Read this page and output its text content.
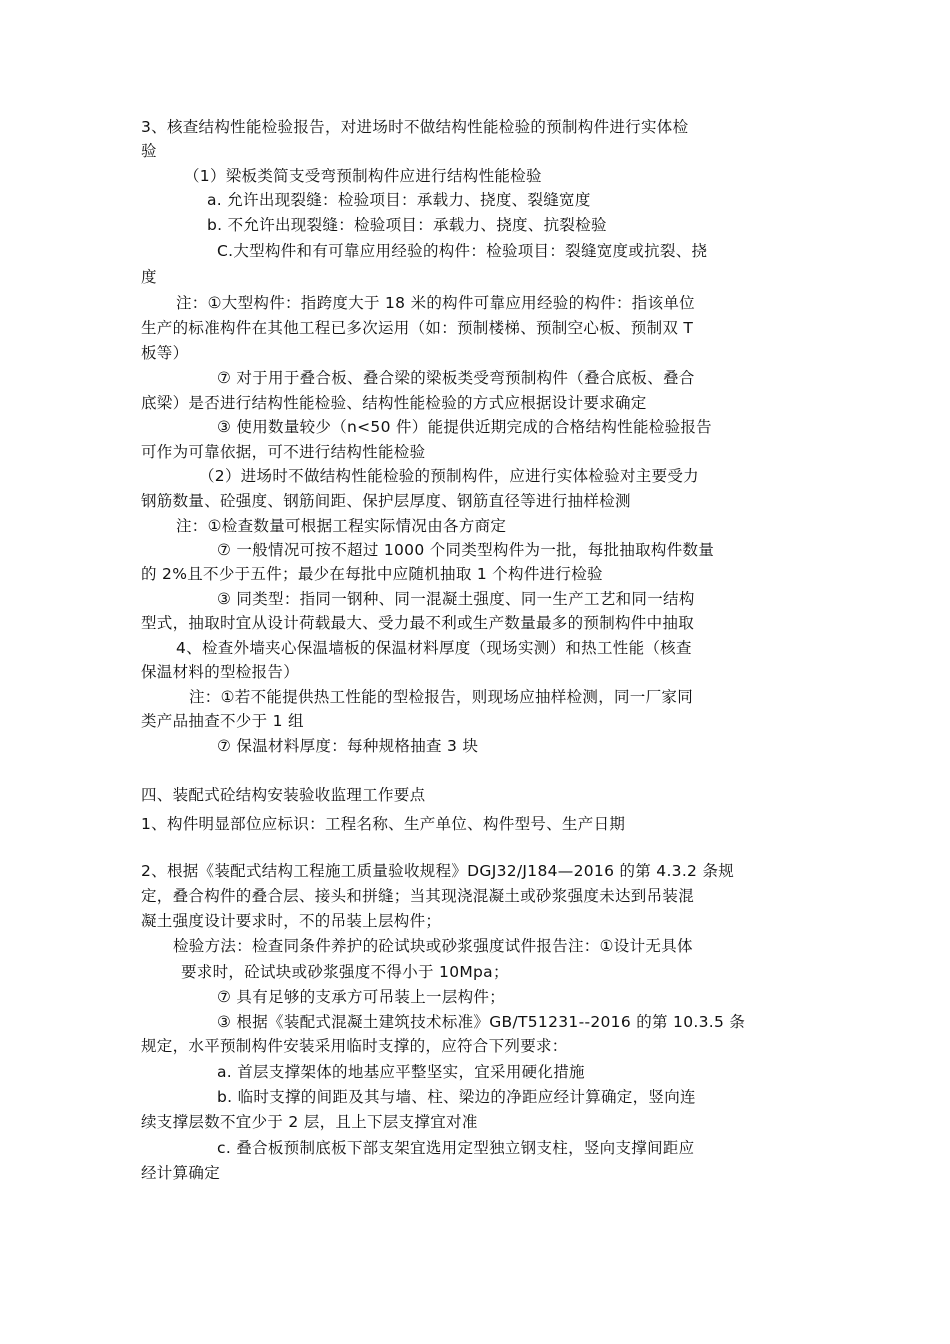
3、核查结构性能检验报告，对进场时不做结构性能检验的预制构件进行实体检
验
（1）梁板类简支受弯预制构件应进行结构性能检验
a. 允许出现裂缝：检验项目：承载力、挠度、裂缝宽度
b. 不允许出现裂缝：检验项目：承载力、挠度、抗裂检验
C.大型构件和有可靠应用经验的构件：检验项目：裂缝宽度或抗裂、挠
度
注：①大型构件：指跨度大于 18 米的构件可靠应用经验的构件：指该单位
生产的标准构件在其他工程已多次运用（如：预制楼梯、预制空心板、预制双 T
板等）
⑦ 对于用于叠合板、叠合梁的梁板类受弯预制构件（叠合底板、叠合
底梁）是否进行结构性能检验、结构性能检验的方式应根据设计要求确定
③ 使用数量较少（n<50 件）能提供近期完成的合格结构性能检验报告
可作为可靠依据，可不进行结构性能检验
（2）进场时不做结构性能检验的预制构件，应进行实体检验对主要受力
钢筋数量、砼强度、钢筋间距、保护层厚度、钢筋直径等进行抽样检测
注：①检查数量可根据工程实际情况由各方商定
⑦ 一般情况可按不超过 1000 个同类型构件为一批，每批抽取构件数量
的 2%且不少于五件；最少在每批中应随机抽取 1 个构件进行检验
③ 同类型：指同一钢种、同一混凝土强度、同一生产工艺和同一结构
型式，抽取时宜从设计荷载最大、受力最不利或生产数量最多的预制构件中抽取
4、检查外墙夹心保温墙板的保温材料厚度（现场实测）和热工性能（核查
保温材料的型检报告）
注：①若不能提供热工性能的型检报告，则现场应抽样检测，同一厂家同
类产品抽查不少于 1 组
⑦ 保温材料厚度：每种规格抽查 3 块
四、装配式砼结构安装验收监理工作要点
1、构件明显部位应标识：工程名称、生产单位、构件型号、生产日期
2、根据《装配式结构工程施工质量验收规程》DGJ32/J184—2016 的第 4.3.2 条规
定，叠合构件的叠合层、接头和拼缝；当其现浇混凝土或砂浆强度未达到吊装混
凝土强度设计要求时，不的吊装上层构件；
检验方法：检查同条件养护的砼试块或砂浆强度试件报告注：①设计无具体
要求时，砼试块或砂浆强度不得小于 10Mpa；
⑦ 具有足够的支承方可吊装上一层构件；
③ 根据《装配式混凝土建筑技术标准》GB/T51231--2016 的第 10.3.5 条
规定，水平预制构件安装采用临时支撑的，应符合下列要求：
a. 首层支撑架体的地基应平整坚实，宜采用硬化措施
b. 临时支撑的间距及其与墙、柱、梁边的净距应经计算确定，竖向连
续支撑层数不宜少于 2 层，且上下层支撑宜对准
c. 叠合板预制底板下部支架宜选用定型独立钢支柱，竖向支撑间距应
经计算确定
